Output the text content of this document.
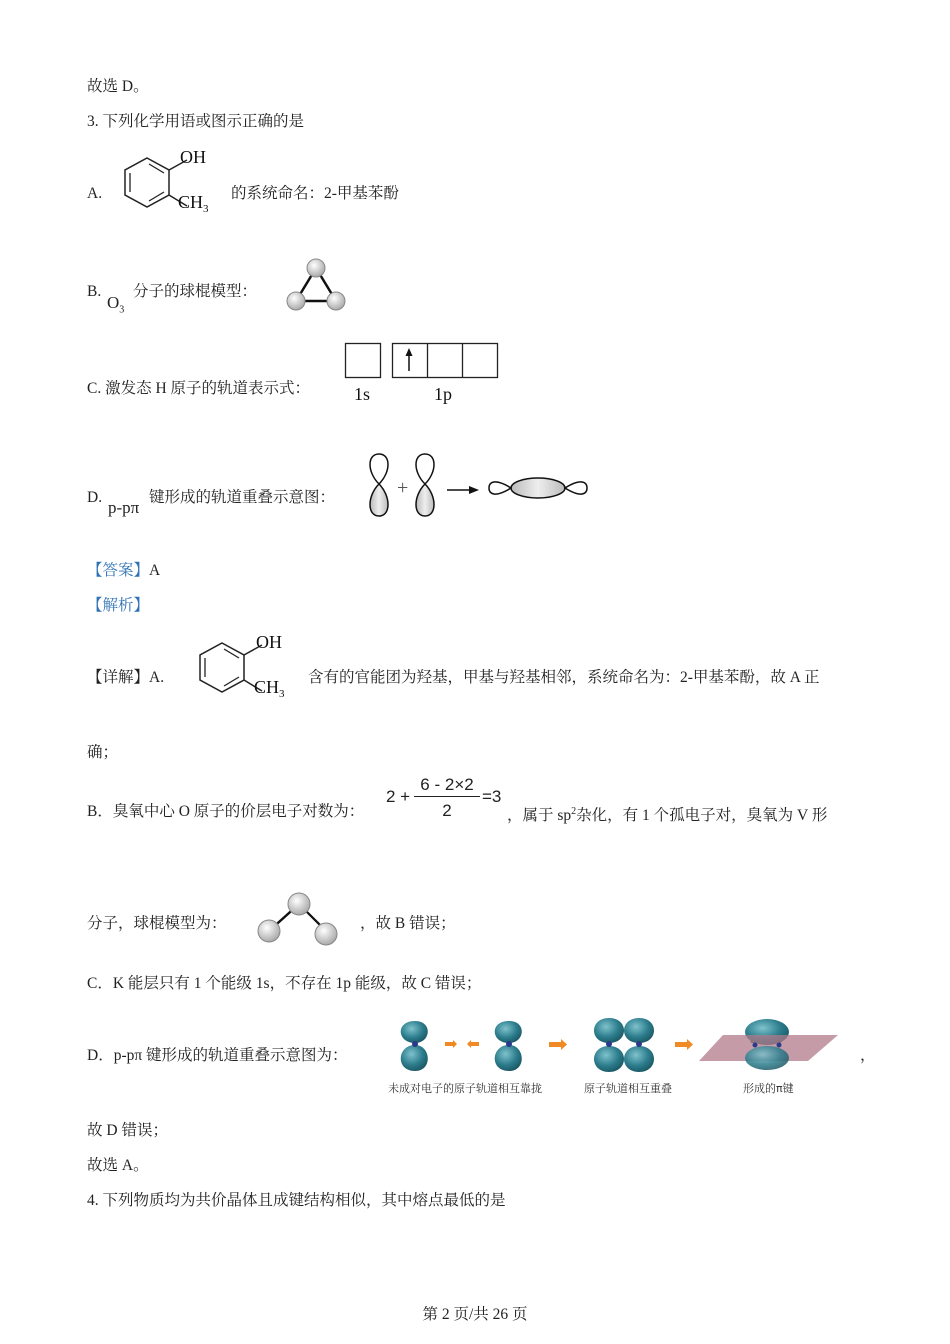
故选 D。
3. 下列化学用语或图示正确的是
A.
OH
$CH_3$
的系统命名：2-甲基苯酚
B.
$O_3$
分子的球棍模型：
C. 激发态 H 原子的轨道表示式： 1s	1p
D.
p-pπ
键形成的轨道重叠示意图：	+
【答案】A
【解析】
【详解】A.
OH
$CH_3$
含有的官能团为羟基，甲基与羟基相邻，系统命名为：2-甲基苯酚，故 A 正
确；
B．臭氧中心 O 原子的价层电子对数为：
2 +
6 - 2×2
2
=3
，属于 $sp^2$杂化，有 1 个孤电子对，臭氧为 V 形
分子，球棍模型为：	，故 B 错误；
C．K 能层只有 1 个能级 1s，不存在 1p 能级，故 C 错误；
D．p-pπ 键形成的轨道重叠示意图为：
未成对电子的原子轨道相互靠拢	原子轨道相互重叠	形成的π键
，
故 D 错误；
故选 A。
4. 下列物质均为共价晶体且成键结构相似，其中熔点最低的是
第 2 页/共 26 页
